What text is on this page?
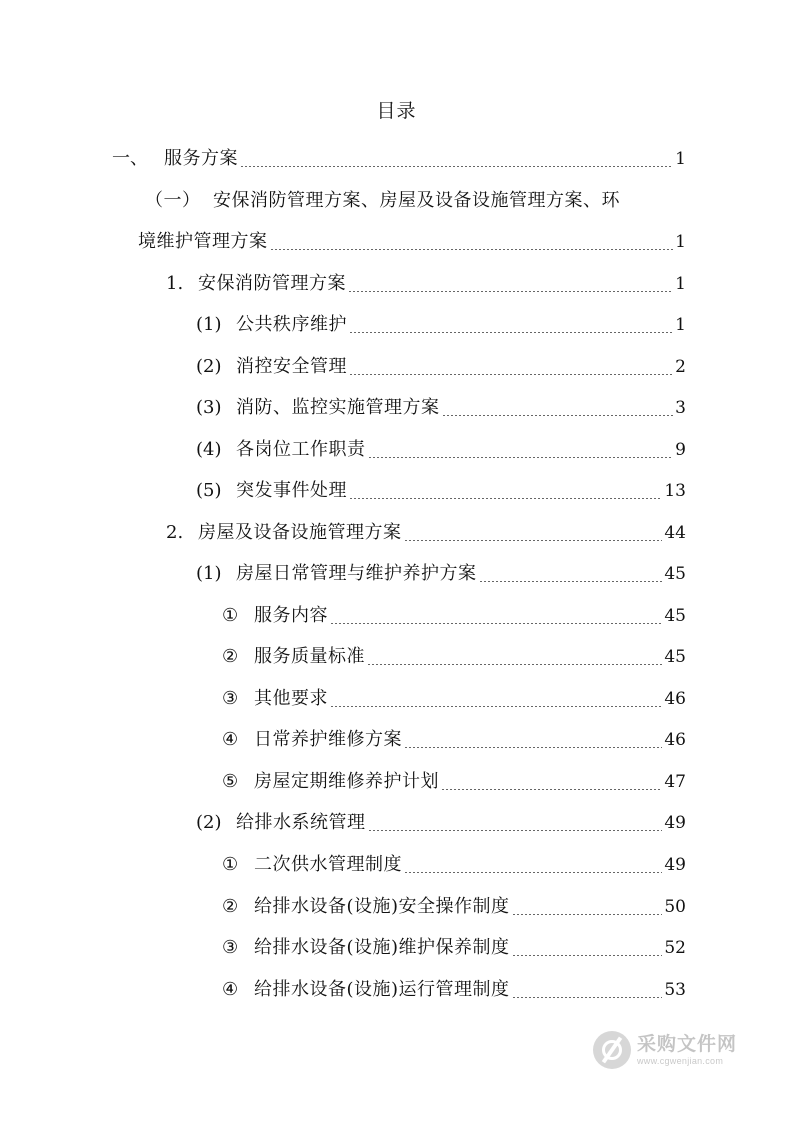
目录
一、 服务方案	1
（一） 安保消防管理方案、房屋及设备设施管理方案、环
境维护管理方案	1
1. 安保消防管理方案	1
(1) 公共秩序维护	1
(2) 消控安全管理	2
(3) 消防、监控实施管理方案	3
(4) 各岗位工作职责	9
(5) 突发事件处理	13
2. 房屋及设备设施管理方案	44
(1) 房屋日常管理与维护养护方案	45
① 服务内容	45
② 服务质量标准	45
③ 其他要求	46
④ 日常养护维修方案	46
⑤ 房屋定期维修养护计划	47
(2) 给排水系统管理	49
① 二次供水管理制度	49
② 给排水设备(设施)安全操作制度	50
③ 给排水设备(设施)维护保养制度	52
④ 给排水设备(设施)运行管理制度	53
采购文件网
www.cgwenjian.com
